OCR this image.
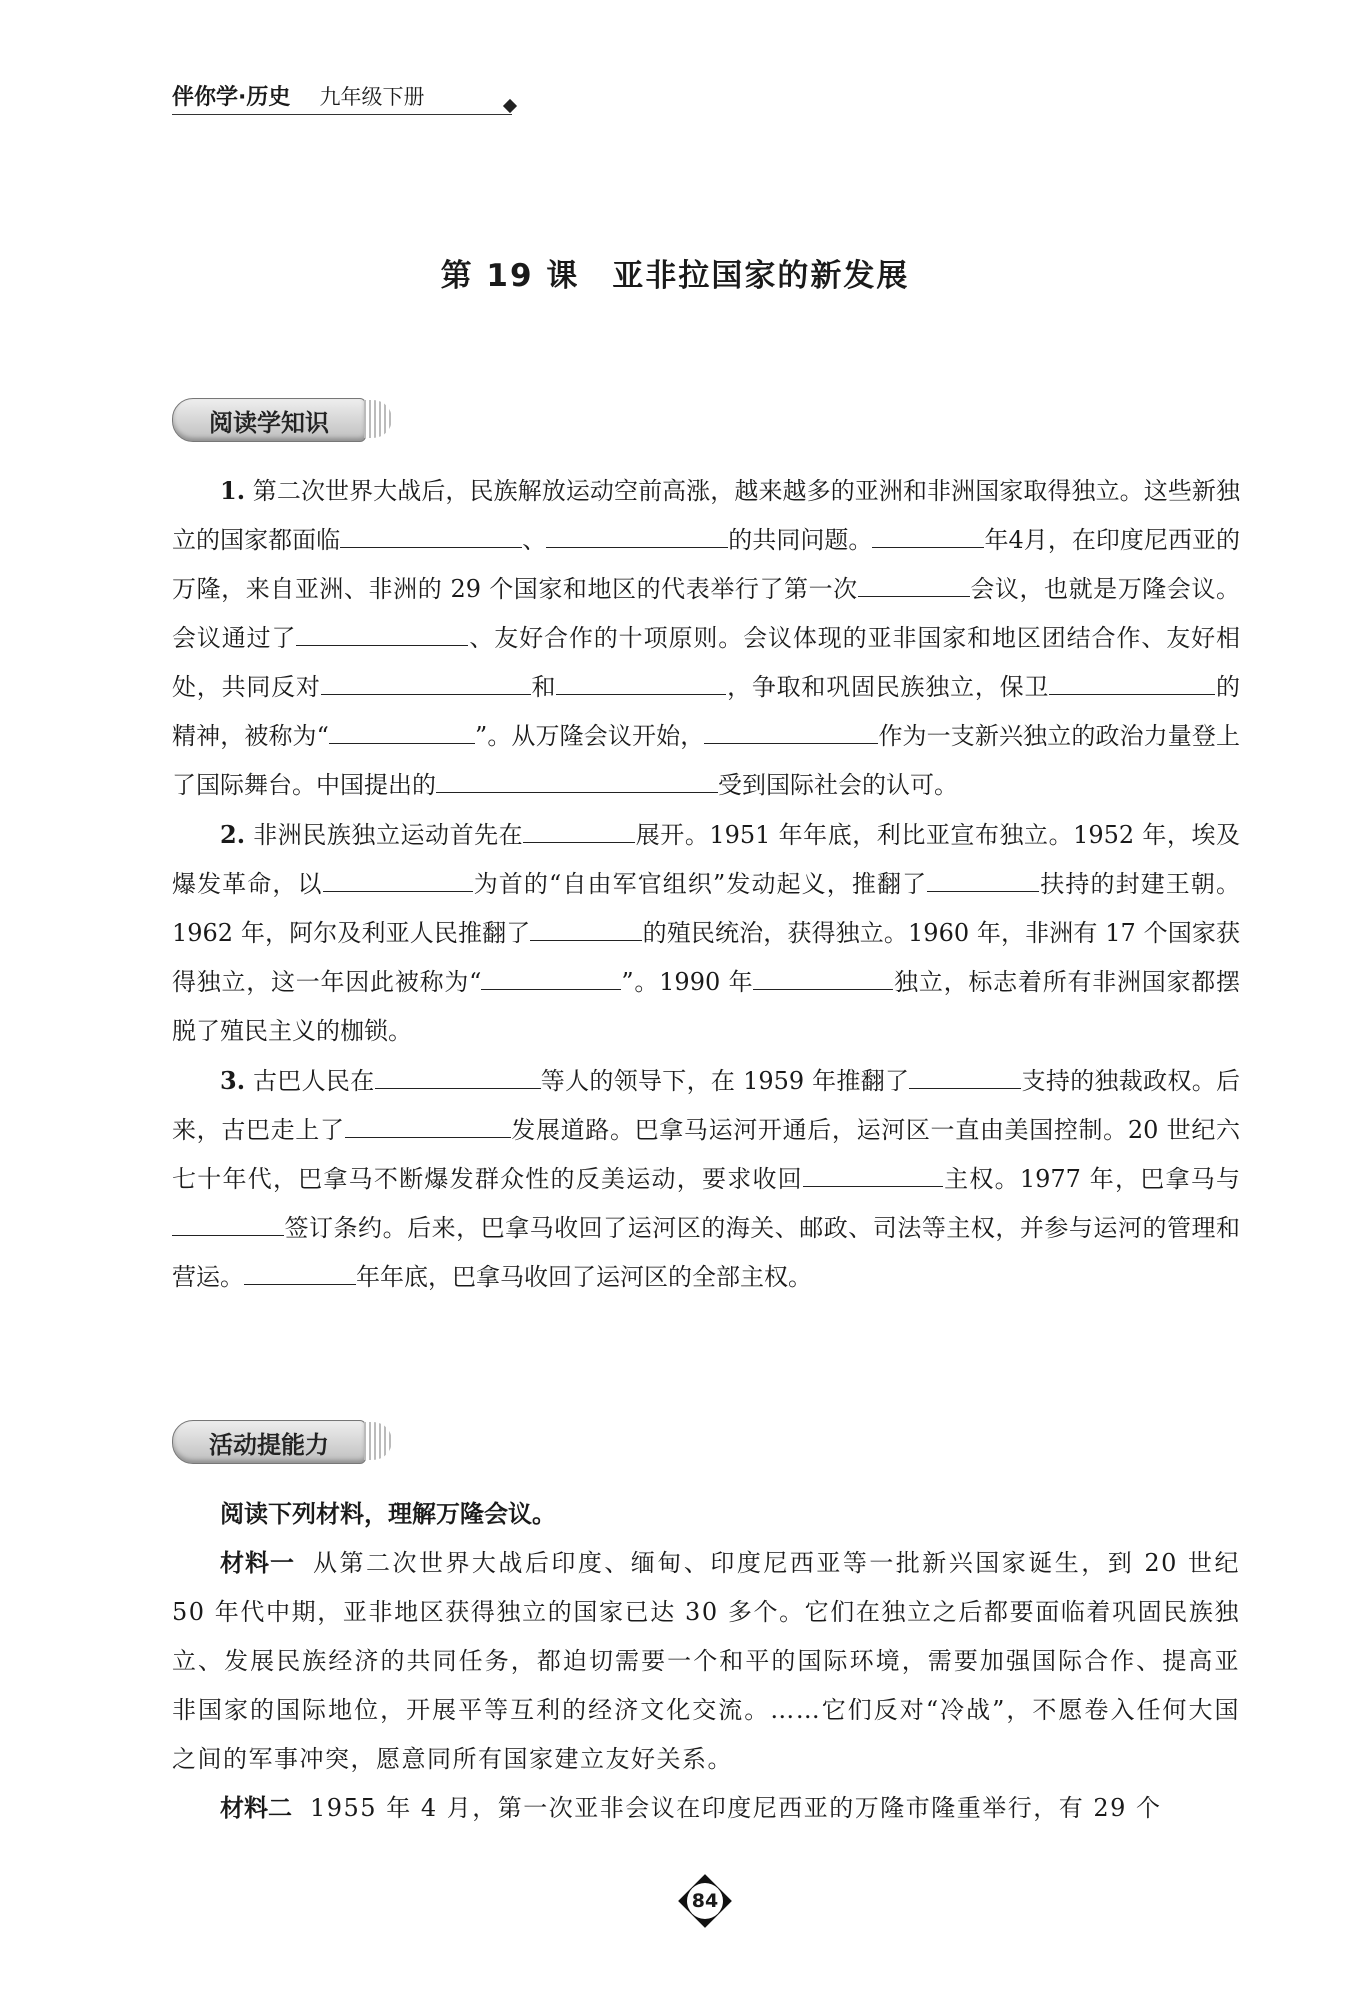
伴你学·历史 九年级下册
第 19 课　亚非拉国家的新发展
阅读学知识

1. 第二次世界大战后，民族解放运动空前高涨，越来越多的亚洲和非洲国家取得独立。这些新独立的国家都面临	、	的共同问题。	年4月，在印度尼西亚的万隆，来自亚洲、非洲的 29 个国家和地区的代表举行了第一次	会议，也就是万隆会议。会议通过了	、友好合作的十项原则。会议体现的亚非国家和地区团结合作、友好相处，共同反对	和	，争取和巩固民族独立，保卫	的精神，被称为“	”。从万隆会议开始，	作为一支新兴独立的政治力量登上了国际舞台。中国提出的	受到国际社会的认可。

2. 非洲民族独立运动首先在	展开。1951 年年底，利比亚宣布独立。1952 年，埃及爆发革命，以	为首的“自由军官组织”发动起义，推翻了	扶持的封建王朝。1962 年，阿尔及利亚人民推翻了	的殖民统治，获得独立。1960 年，非洲有 17 个国家获得独立，这一年因此被称为“	”。1990 年	独立，标志着所有非洲国家都摆脱了殖民主义的枷锁。

3. 古巴人民在	等人的领导下，在 1959 年推翻了	支持的独裁政权。后来，古巴走上了	发展道路。巴拿马运河开通后，运河区一直由美国控制。20 世纪六七十年代，巴拿马不断爆发群众性的反美运动，要求收回	主权。1977 年，巴拿马与签订条约。后来，巴拿马收回了运河区的海关、邮政、司法等主权，并参与运河的管理和营运。	年年底，巴拿马收回了运河区的全部主权。

活动提能力

阅读下列材料，理解万隆会议。

材料一 从第二次世界大战后印度、缅甸、印度尼西亚等一批新兴国家诞生，到 20 世纪 50 年代中期，亚非地区获得独立的国家已达 30 多个。它们在独立之后都要面临着巩固民族独立、发展民族经济的共同任务，都迫切需要一个和平的国际环境，需要加强国际合作、提高亚非国家的国际地位，开展平等互利的经济文化交流。……它们反对“冷战”，不愿卷入任何大国之间的军事冲突，愿意同所有国家建立友好关系。

材料二 1955 年 4 月，第一次亚非会议在印度尼西亚的万隆市隆重举行，有 29 个

84
